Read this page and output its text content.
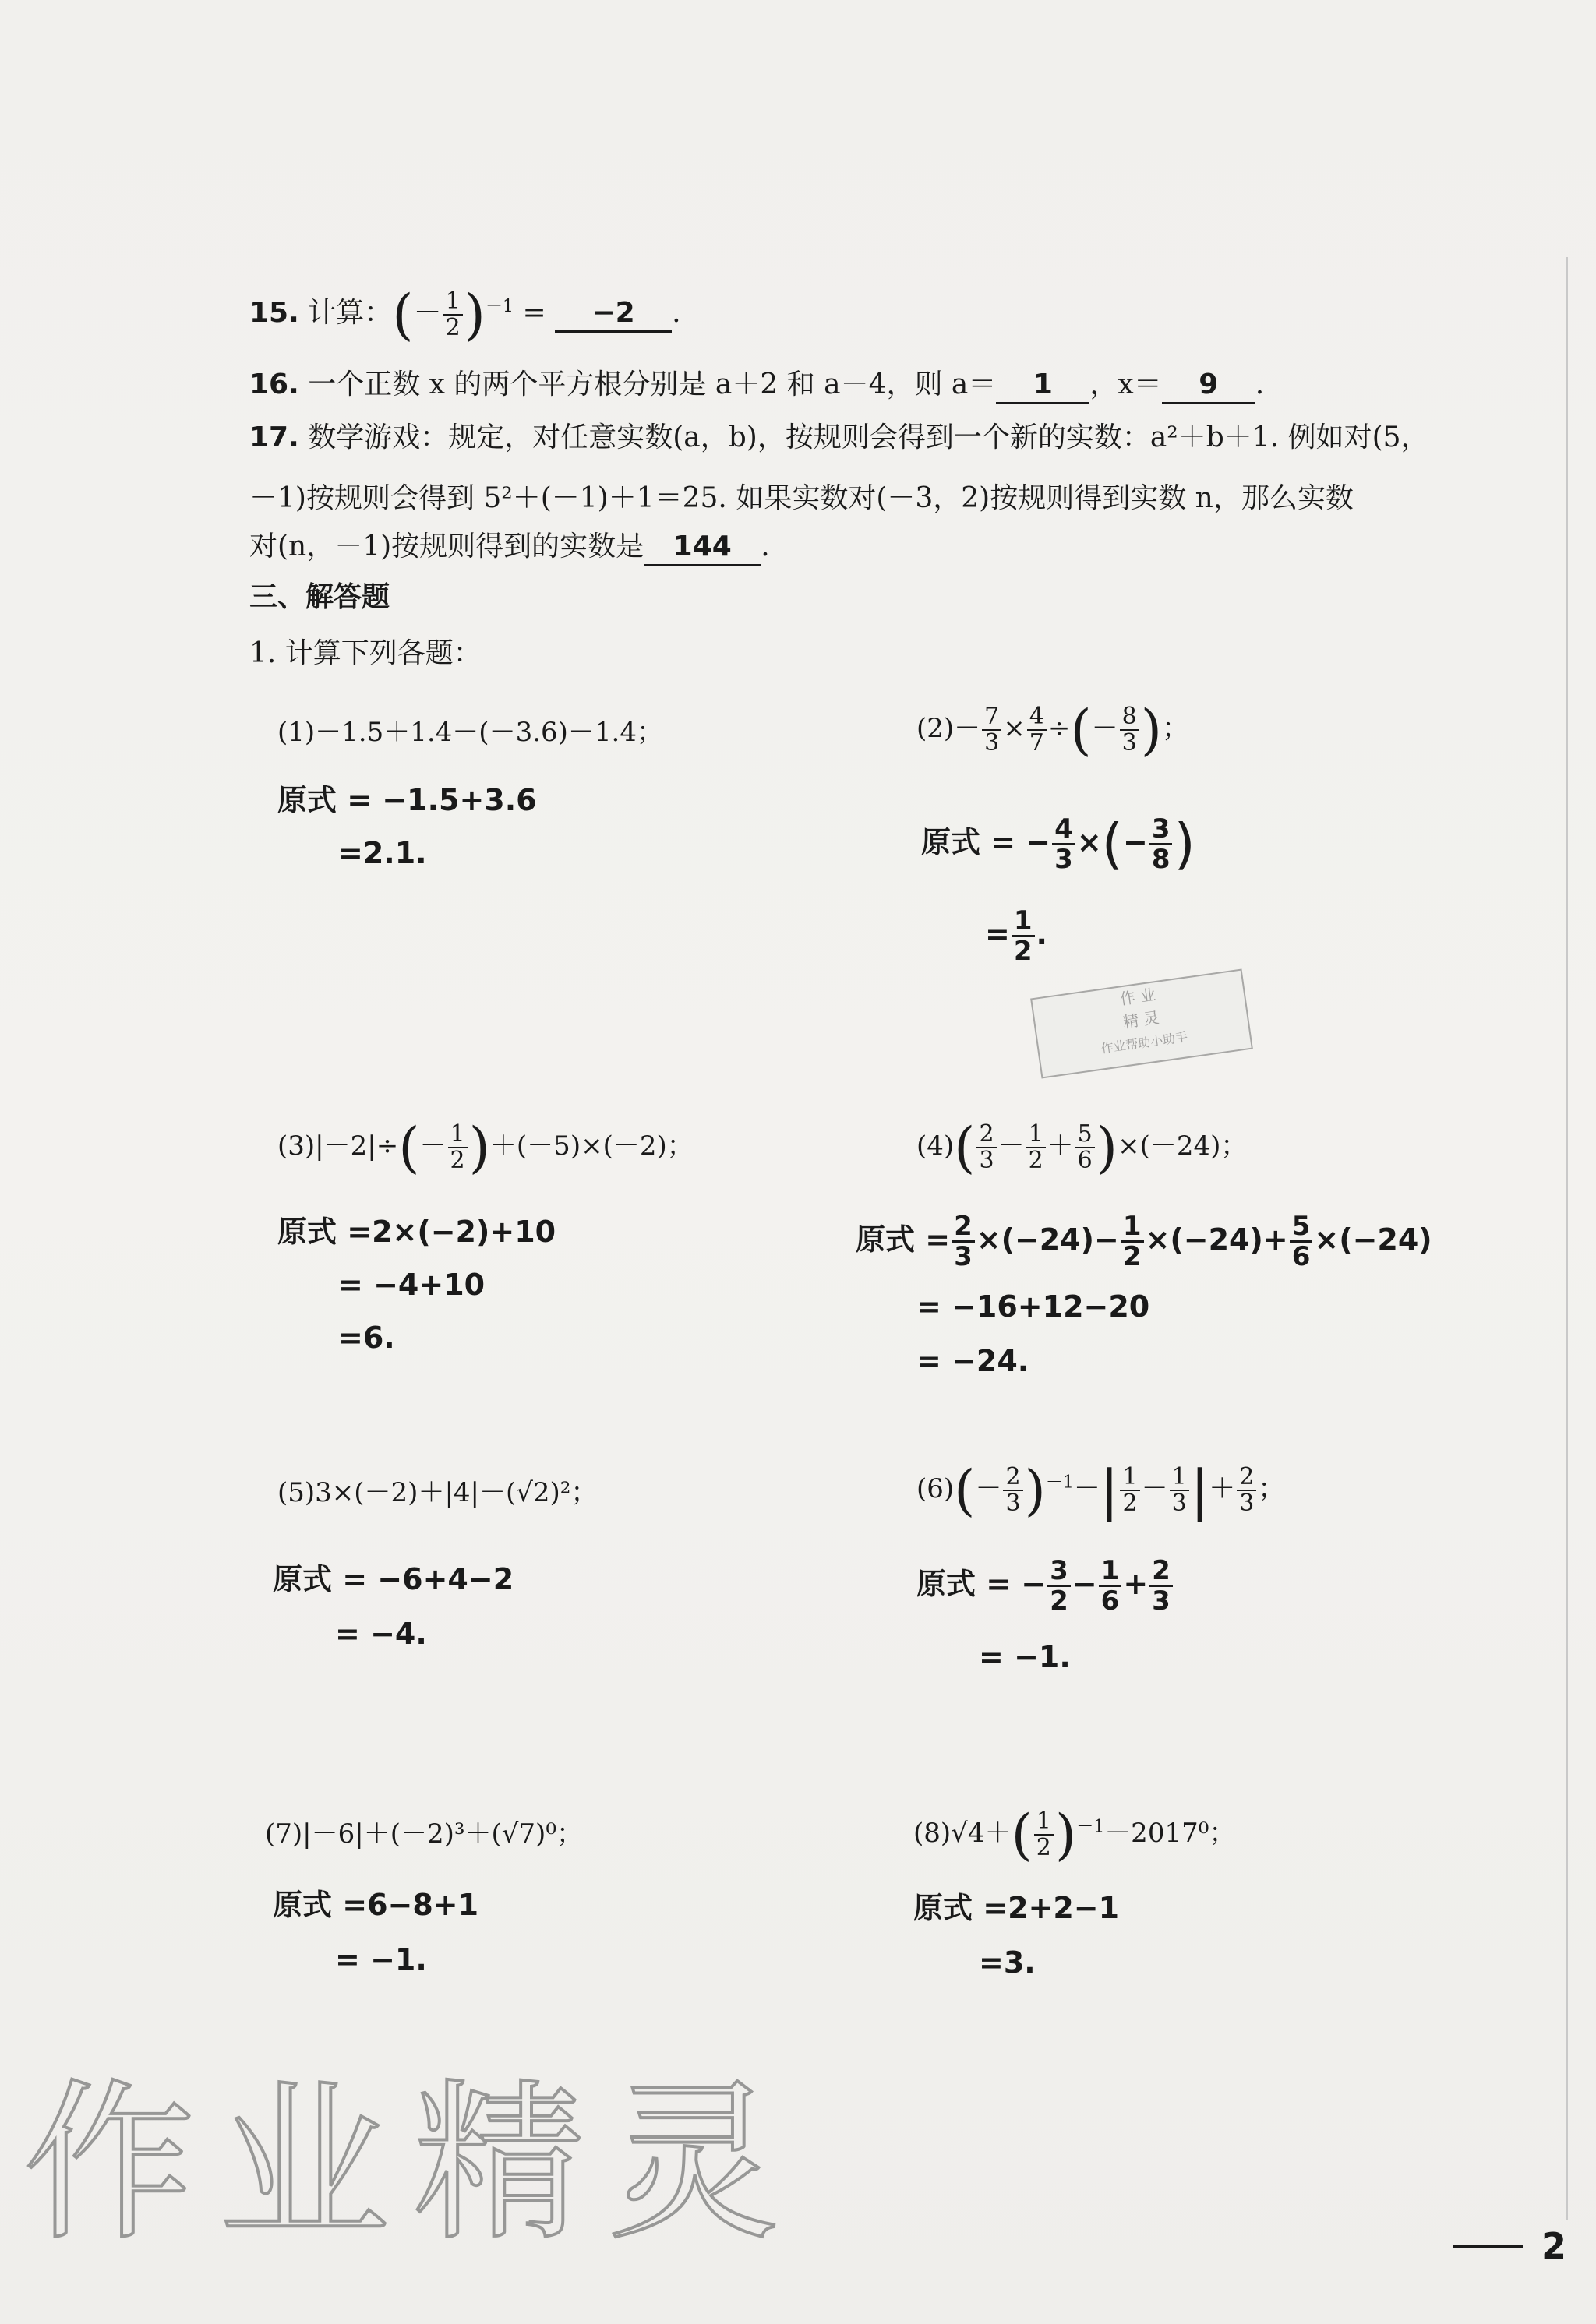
15. 计算：(－ $\frac{1}{2} )^{-1} = -2$ .
16. 一个正数 x 的两个平方根分别是 a＋2 和 a－4，则 a＝ 1 ，x＝ 9 .
17. 数学游戏：规定，对任意实数(a，b)，按规则会得到一个新的实数：a²＋b＋1. 例如对(5，
－1)按规则会得到 5²＋(－1)＋1＝25. 如果实数对(－3，2)按规则得到实数 n，那么实数
对(n，－1)按规则得到的实数是 144 .
三、解答题
1. 计算下列各题：
(1)－1.5＋1.4－(－3.6)－1.4；
原式 = −1.5+3.6
=2.1.
$(2)- \frac{7}{3} \times \frac{4}{7}$ ÷(－ $\frac{8}{3}$ )；
原式 = − $\frac{4}{3}$ ×(− $\frac{3}{8}$ )
= $\frac{1}{2}$ .
作 业
精 灵
作业帮助小助手
$(3)|-2|\div(- \frac{1}{2} )+(-5)\times(-2)$；
原式 =2×(−2)+10
= −4+10
=6.
$(4)( \frac{2}{3} - \frac{1}{2} + \frac{5}{6} )\times(-24)$；
原式 = $\frac{2}{3} \times(-24)- \frac{1}{2} \times(-24)+ \frac{5}{6} \times(-24)$
= −16+12−20
= −24.
(5)3×(－2)＋|4|－(√2)²；
原式 = −6+4−2
= −4.
$(6)(- \frac{2}{3} )^{-1}-| \frac{1}{2} - \frac{1}{3}$ |＋ $\frac{2}{3}$ ；
原式 = − $\frac{3}{2} - \frac{1}{6} + \frac{2}{3}$
= −1.
(7)|－6|＋(－2)³＋(√7)⁰；
原式 =6−8+1
= −1.
$(8)√4+( \frac{1}{2} )^{-1}-2017^0$；
原式 =2+2−1
=3.
作业精灵	2
